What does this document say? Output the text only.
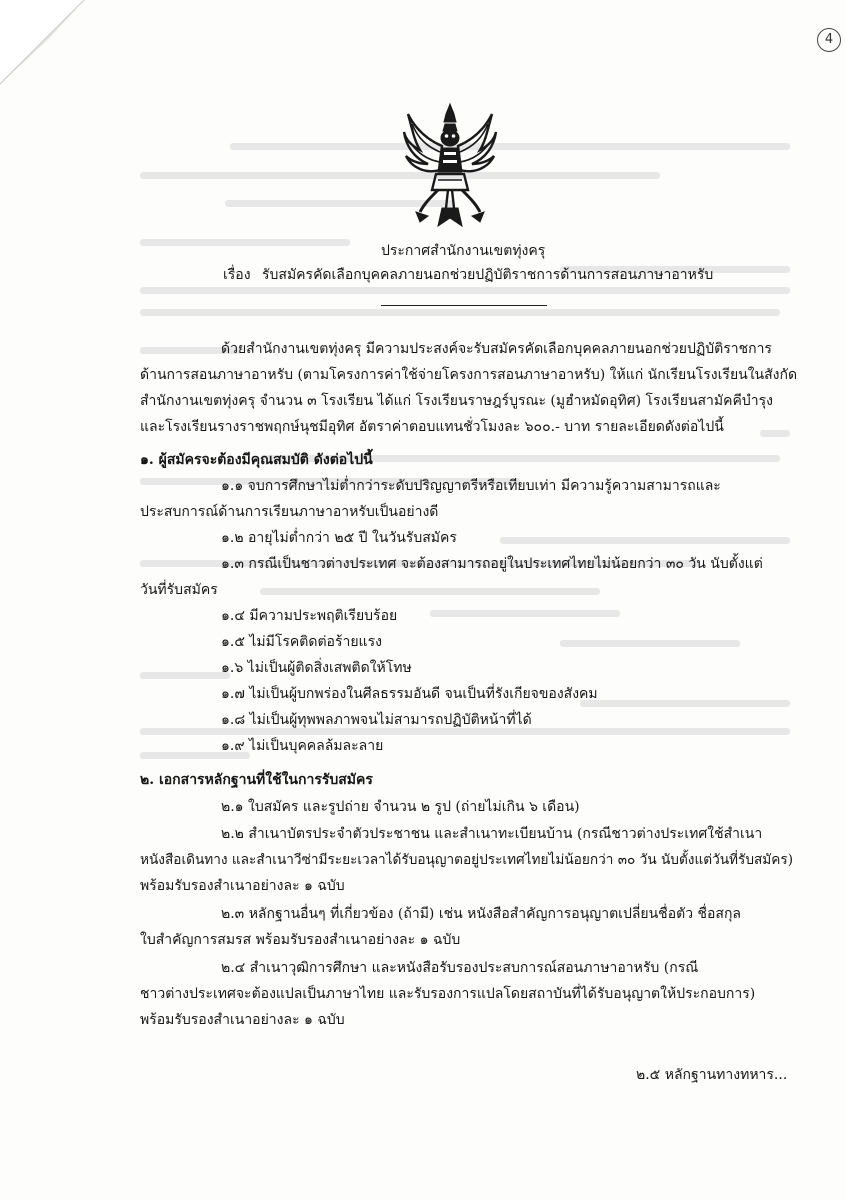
4
ประกาศสำนักงานเขตทุ่งครุ
เรื่อง รับสมัครคัดเลือกบุคคลภายนอกช่วยปฏิบัติราชการด้านการสอนภาษาอาหรับ
ด้วยสำนักงานเขตทุ่งครุ มีความประสงค์จะรับสมัครคัดเลือกบุคคลภายนอกช่วยปฏิบัติราชการ
ด้านการสอนภาษาอาหรับ (ตามโครงการค่าใช้จ่ายโครงการสอนภาษาอาหรับ) ให้แก่ นักเรียนโรงเรียนในสังกัด
สำนักงานเขตทุ่งครุ จำนวน ๓ โรงเรียน ได้แก่ โรงเรียนราษฎร์บูรณะ (มูฮำหมัดอุทิศ) โรงเรียนสามัคคีบำรุง
และโรงเรียนรางราชพฤกษ์นุชมีอุทิศ อัตราค่าตอบแทนชั่วโมงละ ๖๐๐.- บาท รายละเอียดดังต่อไปนี้
๑. ผู้สมัครจะต้องมีคุณสมบัติ ดังต่อไปนี้
๑.๑ จบการศึกษาไม่ต่ำกว่าระดับปริญญาตรีหรือเทียบเท่า มีความรู้ความสามารถและ
ประสบการณ์ด้านการเรียนภาษาอาหรับเป็นอย่างดี
๑.๒ อายุไม่ต่ำกว่า ๒๕ ปี ในวันรับสมัคร
๑.๓ กรณีเป็นชาวต่างประเทศ จะต้องสามารถอยู่ในประเทศไทยไม่น้อยกว่า ๓๐ วัน นับตั้งแต่
วันที่รับสมัคร
๑.๔ มีความประพฤติเรียบร้อย
๑.๕ ไม่มีโรคติดต่อร้ายแรง
๑.๖ ไม่เป็นผู้ติดสิ่งเสพติดให้โทษ
๑.๗ ไม่เป็นผู้บกพร่องในศีลธรรมอันดี จนเป็นที่รังเกียจของสังคม
๑.๘ ไม่เป็นผู้ทุพพลภาพจนไม่สามารถปฏิบัติหน้าที่ได้
๑.๙ ไม่เป็นบุคคลล้มละลาย
๒. เอกสารหลักฐานที่ใช้ในการรับสมัคร
๒.๑ ใบสมัคร และรูปถ่าย จำนวน ๒ รูป (ถ่ายไม่เกิน ๖ เดือน)
๒.๒ สำเนาบัตรประจำตัวประชาชน และสำเนาทะเบียนบ้าน (กรณีชาวต่างประเทศใช้สำเนา
หนังสือเดินทาง และสำเนาวีซ่ามีระยะเวลาได้รับอนุญาตอยู่ประเทศไทยไม่น้อยกว่า ๓๐ วัน นับตั้งแต่วันที่รับสมัคร)
พร้อมรับรองสำเนาอย่างละ ๑ ฉบับ
๒.๓ หลักฐานอื่นๆ ที่เกี่ยวข้อง (ถ้ามี) เช่น หนังสือสำคัญการอนุญาตเปลี่ยนชื่อตัว ชื่อสกุล
ใบสำคัญการสมรส พร้อมรับรองสำเนาอย่างละ ๑ ฉบับ
๒.๔ สำเนาวุฒิการศึกษา และหนังสือรับรองประสบการณ์สอนภาษาอาหรับ (กรณี
ชาวต่างประเทศจะต้องแปลเป็นภาษาไทย และรับรองการแปลโดยสถาบันที่ได้รับอนุญาตให้ประกอบการ)
พร้อมรับรองสำเนาอย่างละ ๑ ฉบับ
๒.๕ หลักฐานทางทหาร...
